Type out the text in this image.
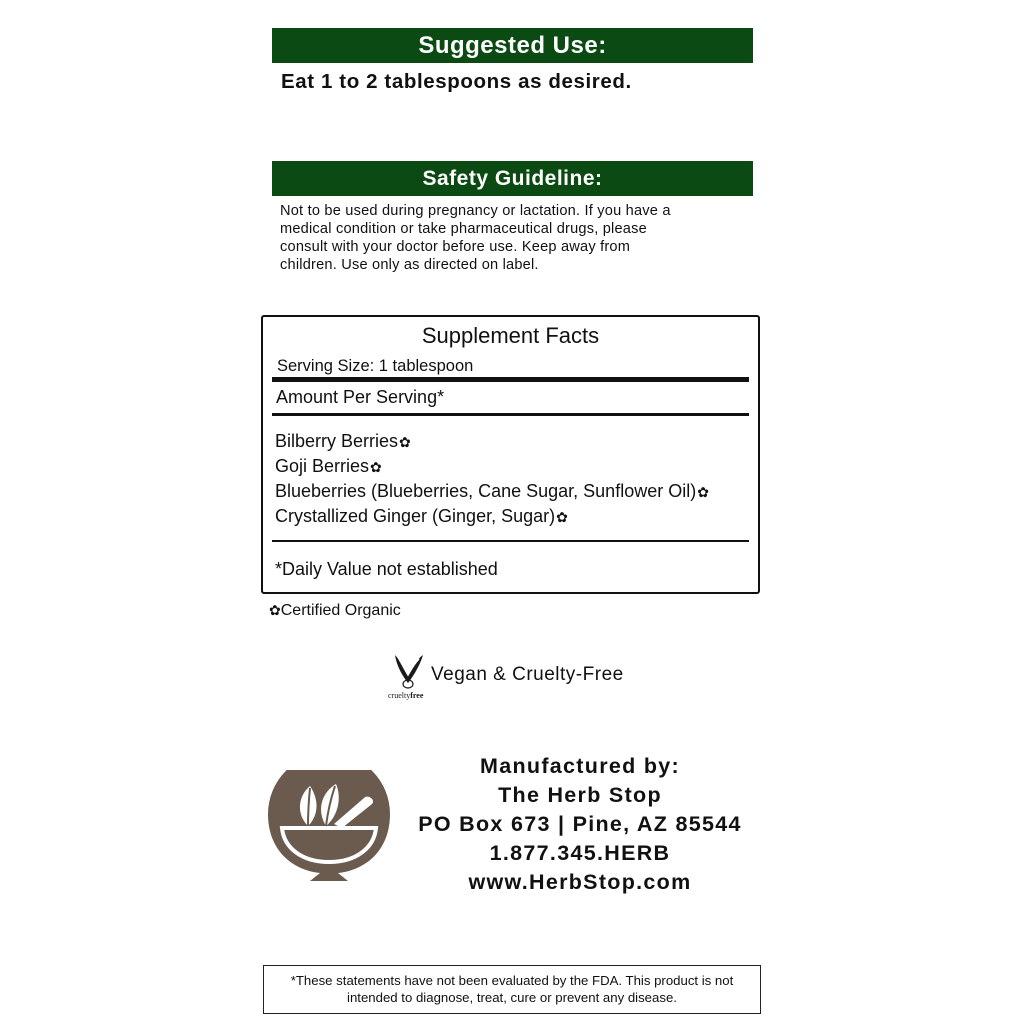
Suggested Use:
Eat 1 to 2 tablespoons as desired.
Safety Guideline:
Not to be used during pregnancy or lactation. If you have a
medical condition or take pharmaceutical drugs, please
consult with your doctor before use. Keep away from
children. Use only as directed on label.
Supplement Facts
Serving Size: 1 tablespoon
Amount Per Serving*
Bilberry Berries✿
Goji Berries✿
Blueberries (Blueberries, Cane Sugar, Sunflower Oil)✿
Crystallized Ginger (Ginger, Sugar)✿
*Daily Value not established
✿Certified Organic
crueltyfree
Vegan & Cruelty-Free
Manufactured by:
The Herb Stop
PO Box 673 | Pine, AZ 85544
1.877.345.HERB
www.HerbStop.com
*These statements have not been evaluated by the FDA. This product is not
intended to diagnose, treat, cure or prevent any disease.
